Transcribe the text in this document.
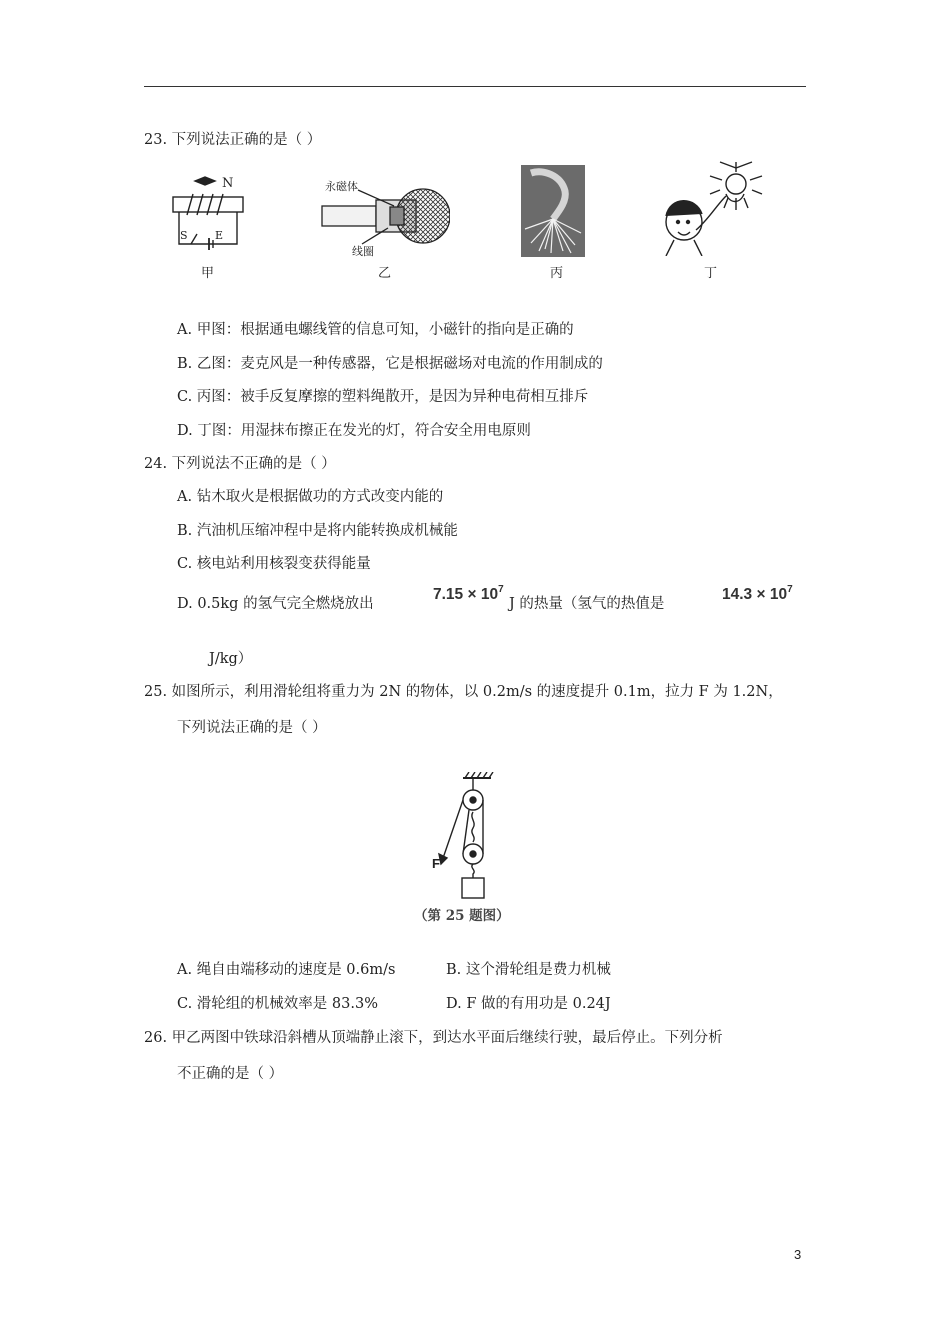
23. 下列说法正确的是（ ）
N
S E
甲
永磁体
线圈
乙	丙	丁
A. 甲图：根据通电螺线管的信息可知，小磁针的指向是正确的
B. 乙图：麦克风是一种传感器，它是根据磁场对电流的作用制成的
C. 丙图：被手反复摩擦的塑料绳散开，是因为异种电荷相互排斥
D. 丁图：用湿抹布擦正在发光的灯，符合安全用电原则
24. 下列说法不正确的是（ ）
A. 钻木取火是根据做功的方式改变内能的
B. 汽油机压缩冲程中是将内能转换成机械能
C. 核电站利用核裂变获得能量
D. 0.5kg 的氢气完全燃烧放出
$7.15 \times 10^7$
J 的热量（氢气的热值是
$14.3 \times 10^7$
J/kg）
25. 如图所示，利用滑轮组将重力为 2N 的物体，以 0.2m/s 的速度提升 0.1m，拉力 F 为 1.2N，
下列说法正确的是（ ）
F
（第 25 题图）
A. 绳自由端移动的速度是 0.6m/s	B. 这个滑轮组是费力机械
C. 滑轮组的机械效率是 83.3%	D. F 做的有用功是 0.24J
26. 甲乙两图中铁球沿斜槽从顶端静止滚下，到达水平面后继续行驶，最后停止。下列分析
不正确的是（ ）
3
